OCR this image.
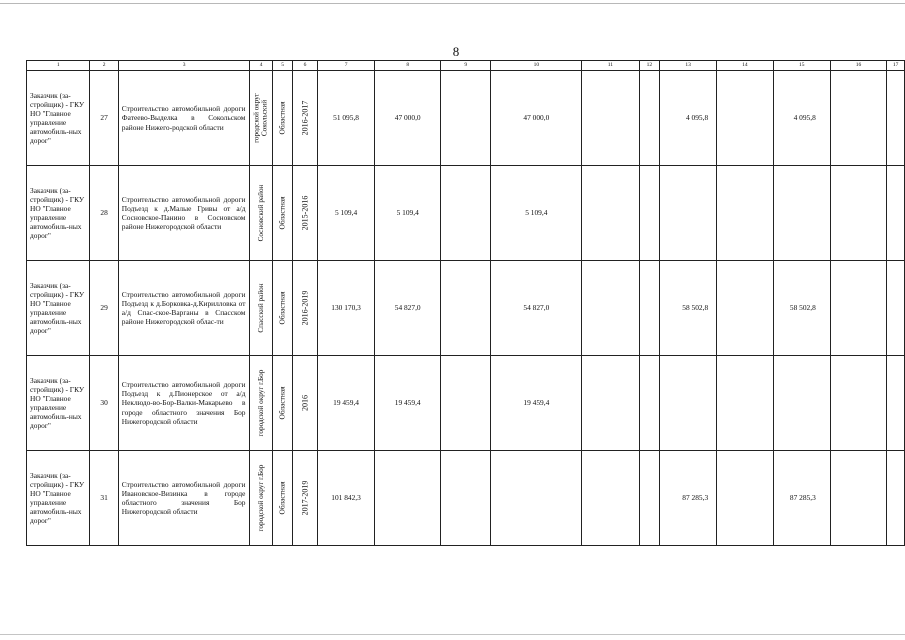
8
1	2	3	4	5	6	7	8	9	10	11	12	13	14	15	16	17
Заказчик (за-стройщик) - ГКУ НО "Главное управление автомобиль-ных дорог"	27	Строительство автомобильной дороги Фатеево-Выделка в Сокольском районе Нижего-родской области	городской округ Сокольский	Областная	2016-2017	51 095,8	47 000,0		47 000,0			4 095,8		4 095,8		
Заказчик (за-стройщик) - ГКУ НО "Главное управление автомобиль-ных дорог"	28	Строительство автомобильной дороги Подъезд к д.Малые Гривы от а/д Сосновское-Панино в Сосновском районе Нижегородской области	Сосновский район	Областная	2015-2016	5 109,4	5 109,4		5 109,4							
Заказчик (за-стройщик) - ГКУ НО "Главное управление автомобиль-ных дорог"	29	Строительство автомобильной дороги Подъезд к д.Борковка-д.Кирилловка от а/д Спас-ское-Варганы в Спасском районе Нижегородской облас-ти	Спасский район	Областная	2016-2019	130 170,3	54 827,0		54 827,0			58 502,8		58 502,8		
Заказчик (за-стройщик) - ГКУ НО "Главное управление автомобиль-ных дорог"	30	Строительство автомобильной дороги Подъезд к д.Пионерское от а/д Неклюдо-во-Бор-Валки-Макарьево в городе областного значения Бор Нижегородской области	городской округ г.Бор	Областная	2016	19 459,4	19 459,4		19 459,4							
Заказчик (за-стройщик) - ГКУ НО "Главное управление автомобиль-ных дорог"	31	Строительство автомобильной дороги Ивановское-Визинка в городе областного значения Бор Нижегородской области	городской округ г.Бор	Областная	2017-2019	101 842,3						87 285,3		87 285,3		
